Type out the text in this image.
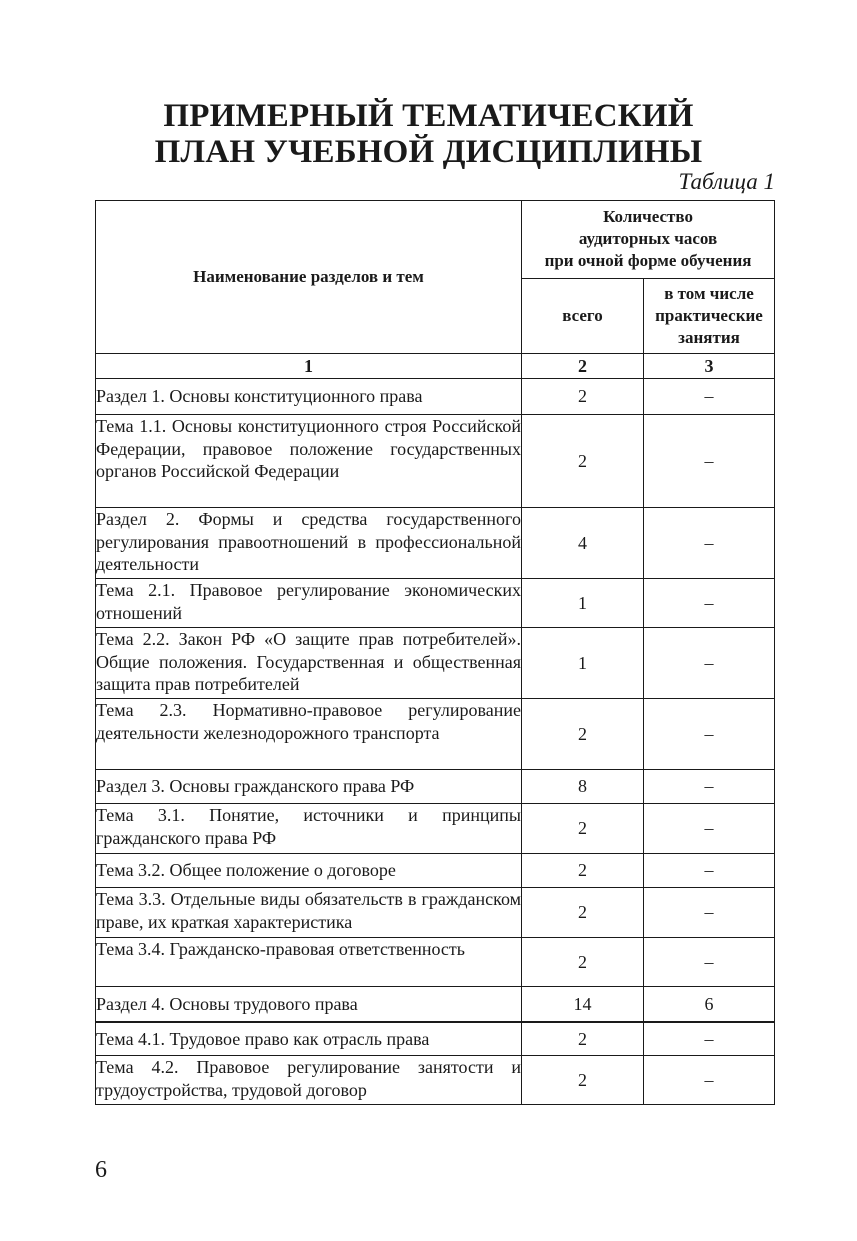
ПРИМЕРНЫЙ ТЕМАТИЧЕСКИЙ
ПЛАН УЧЕБНОЙ ДИСЦИПЛИНЫ
Таблица 1
Наименование разделов и тем	Количество
аудиторных часов
при очной форме обучения	

	всего	в том числе
практические
занятия

1	2	3
Раздел 1. Основы конституционного права	2	–
Тема 1.1. Основы конституционного строя Российской Федерации, правовое положение государственных органов Российской Федерации	2	–
Раздел 2. Формы и средства государственного регулирования правоотношений в профессиональной деятельности	4	–
Тема 2.1. Правовое регулирование экономических отношений	1	–
Тема 2.2. Закон РФ «О защите прав потребителей». Общие положения. Государственная и общественная защита прав потребителей	1	–
Тема 2.3. Нормативно-правовое регулирование деятельности железнодорожного транспорта	2	–
Раздел 3. Основы гражданского права РФ	8	–
Тема 3.1. Понятие, источники и принципы гражданского права РФ	2	–
Тема 3.2. Общее положение о договоре	2	–
Тема 3.3. Отдельные виды обязательств в гражданском праве, их краткая характеристика	2	–
Тема 3.4. Гражданско-правовая ответственность	2	–
Раздел 4. Основы трудового права	14	6
Тема 4.1. Трудовое право как отрасль права	2	–
Тема 4.2. Правовое регулирование занятости и трудоустройства, трудовой договор	2	–
6
